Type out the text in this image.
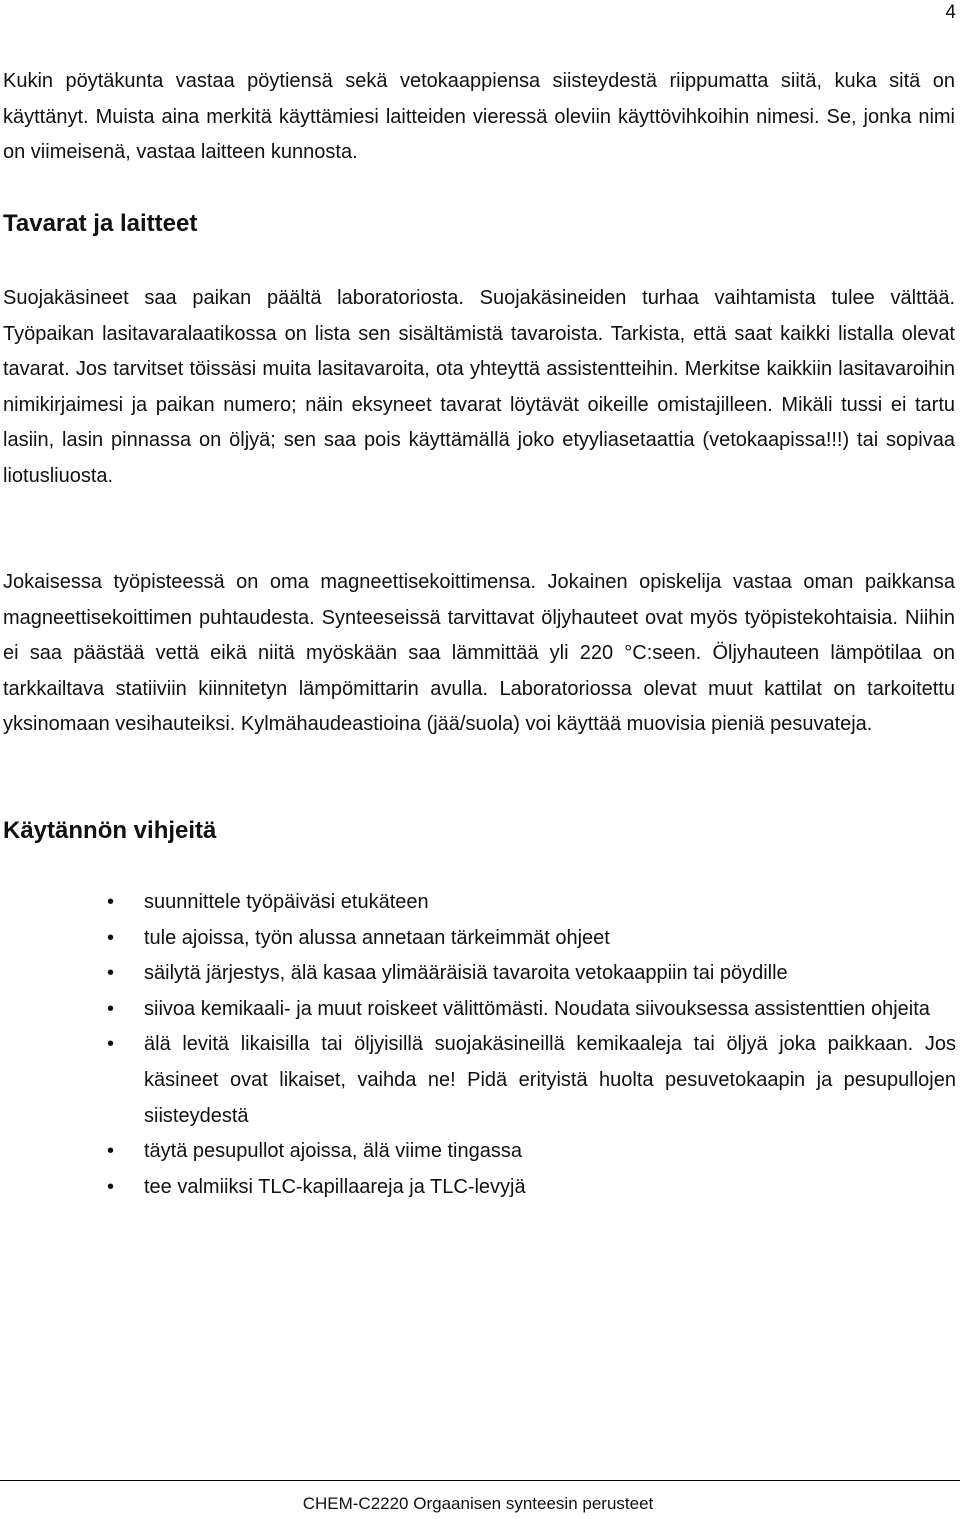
4

Kukin pöytäkunta vastaa pöytiensä sekä vetokaappiensa siisteydestä riippumatta siitä, kuka sitä on käyttänyt. Muista aina merkitä käyttämiesi laitteiden vieressä oleviin käyttövihkoihin nimesi. Se, jonka nimi on viimeisenä, vastaa laitteen kunnosta.

Tavarat ja laitteet

Suojakäsineet saa paikan päältä laboratoriosta. Suojakäsineiden turhaa vaihtamista tulee välttää. Työpaikan lasitavaralaatikossa on lista sen sisältämistä tavaroista. Tarkista, että saat kaikki listalla olevat tavarat. Jos tarvitset töissäsi muita lasitavaroita, ota yhteyttä assistentteihin. Merkitse kaikkiin lasitavaroihin nimikirjaimesi ja paikan numero; näin eksyneet tavarat löytävät oikeille omistajilleen. Mikäli tussi ei tartu lasiin, lasin pinnassa on öljyä; sen saa pois käyttämällä joko etyyliasetaattia (vetokaapissa!!!) tai sopivaa liotusliuosta.

Jokaisessa työpisteessä on oma magneettisekoittimensa. Jokainen opiskelija vastaa oman paikkansa magneettisekoittimen puhtaudesta. Synteeseissä tarvittavat öljyhauteet ovat myös työpistekohtaisia. Niihin ei saa päästää vettä eikä niitä myöskään saa lämmittää yli 220 °C:seen. Öljyhauteen lämpötilaa on tarkkailtava statiiviin kiinnitetyn lämpömittarin avulla. Laboratoriossa olevat muut kattilat on tarkoitettu yksinomaan vesihauteiksi. Kylmähaudeastioina (jää/suola) voi käyttää muovisia pieniä pesuvateja.

Käytännön vihjeitä
• suunnittele työpäiväsi etukäteen
• tule ajoissa, työn alussa annetaan tärkeimmät ohjeet
• säilytä järjestys, älä kasaa ylimääräisiä tavaroita vetokaappiin tai pöydille
• siivoa kemikaali- ja muut roiskeet välittömästi. Noudata siivouksessa assistenttien ohjeita
• älä levitä likaisilla tai öljyisillä suojakäsineillä kemikaaleja tai öljyä joka paikkaan. Jos käsineet ovat likaiset, vaihda ne! Pidä erityistä huolta pesuvetokaapin ja pesupullojen siisteydestä
• täytä pesupullot ajoissa, älä viime tingassa
• tee valmiiksi TLC-kapillaareja ja TLC-levyjä
CHEM-C2220 Orgaanisen synteesin perusteet
